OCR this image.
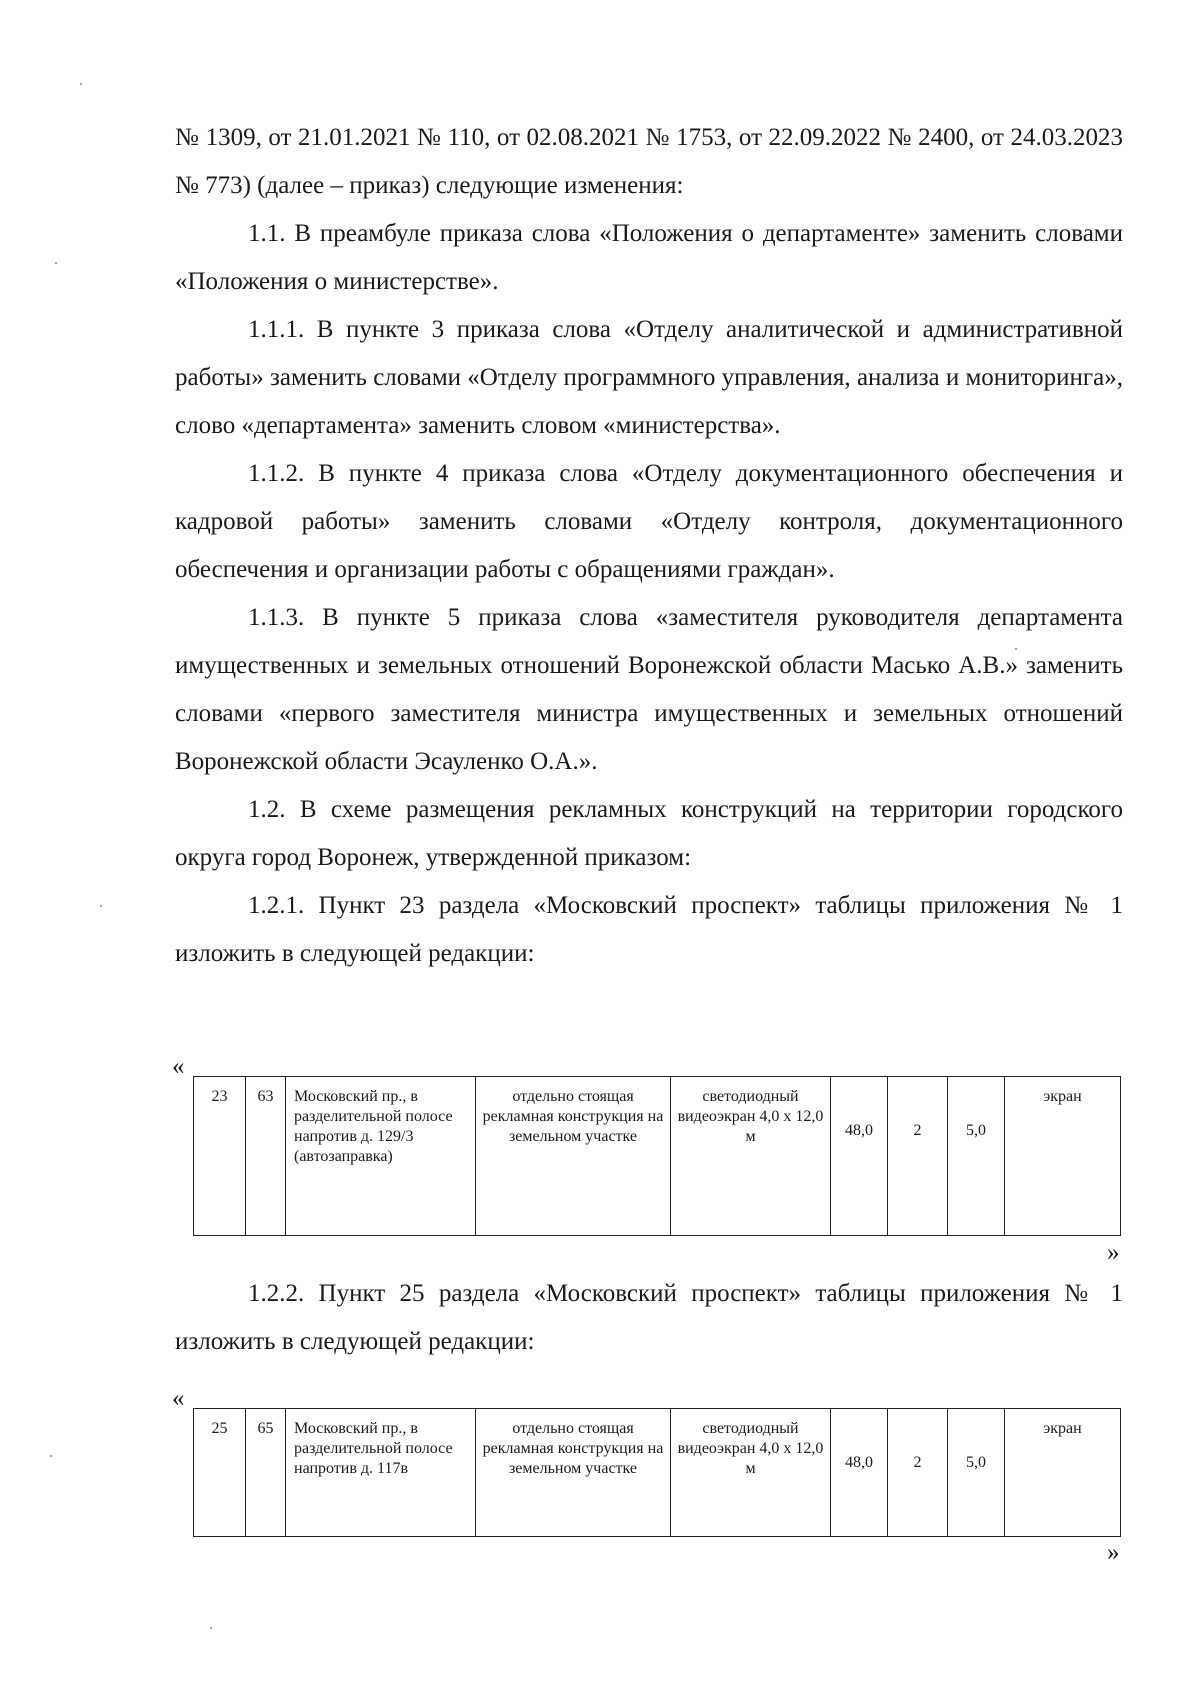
№ 1309, от 21.01.2021 № 110, от 02.08.2021 № 1753, от 22.09.2022 № 2400, от 24.03.2023 № 773) (далее – приказ) следующие изменения:

1.1. В преамбуле приказа слова «Положения о департаменте» заменить словами «Положения о министерстве».

1.1.1. В пункте 3 приказа слова «Отделу аналитической и административной работы» заменить словами «Отделу программного управления, анализа и мониторинга», слово «департамента» заменить словом «министерства».

1.1.2. В пункте 4 приказа слова «Отделу документационного обеспечения и кадровой работы» заменить словами «Отделу контроля, документационного обеспечения и организации работы с обращениями граждан».

1.1.3. В пункте 5 приказа слова «заместителя руководителя департамента имущественных и земельных отношений Воронежской области Масько А.В.» заменить словами «первого заместителя министра имущественных и земельных отношений Воронежской области Эсауленко О.А.».

1.2. В схеме размещения рекламных конструкций на территории городского округа город Воронеж, утвержденной приказом:

1.2.1. Пункт 23 раздела «Московский проспект» таблицы приложения № 1 изложить в следующей редакции:

«
23	63	Московский пр., в разделительной полосе напротив д. 129/3 (автозаправка)	отдельно стоящая рекламная конструкция на земельном участке	светодиодный видеоэкран 4,0 х 12,0 м	48,0	2	5,0	экран
»

1.2.2. Пункт 25 раздела «Московский проспект» таблицы приложения № 1 изложить в следующей редакции:

«
25	65	Московский пр., в разделительной полосе напротив д. 117в	отдельно стоящая рекламная конструкция на земельном участке	светодиодный видеоэкран 4,0 х 12,0 м	48,0	2	5,0	экран
»
